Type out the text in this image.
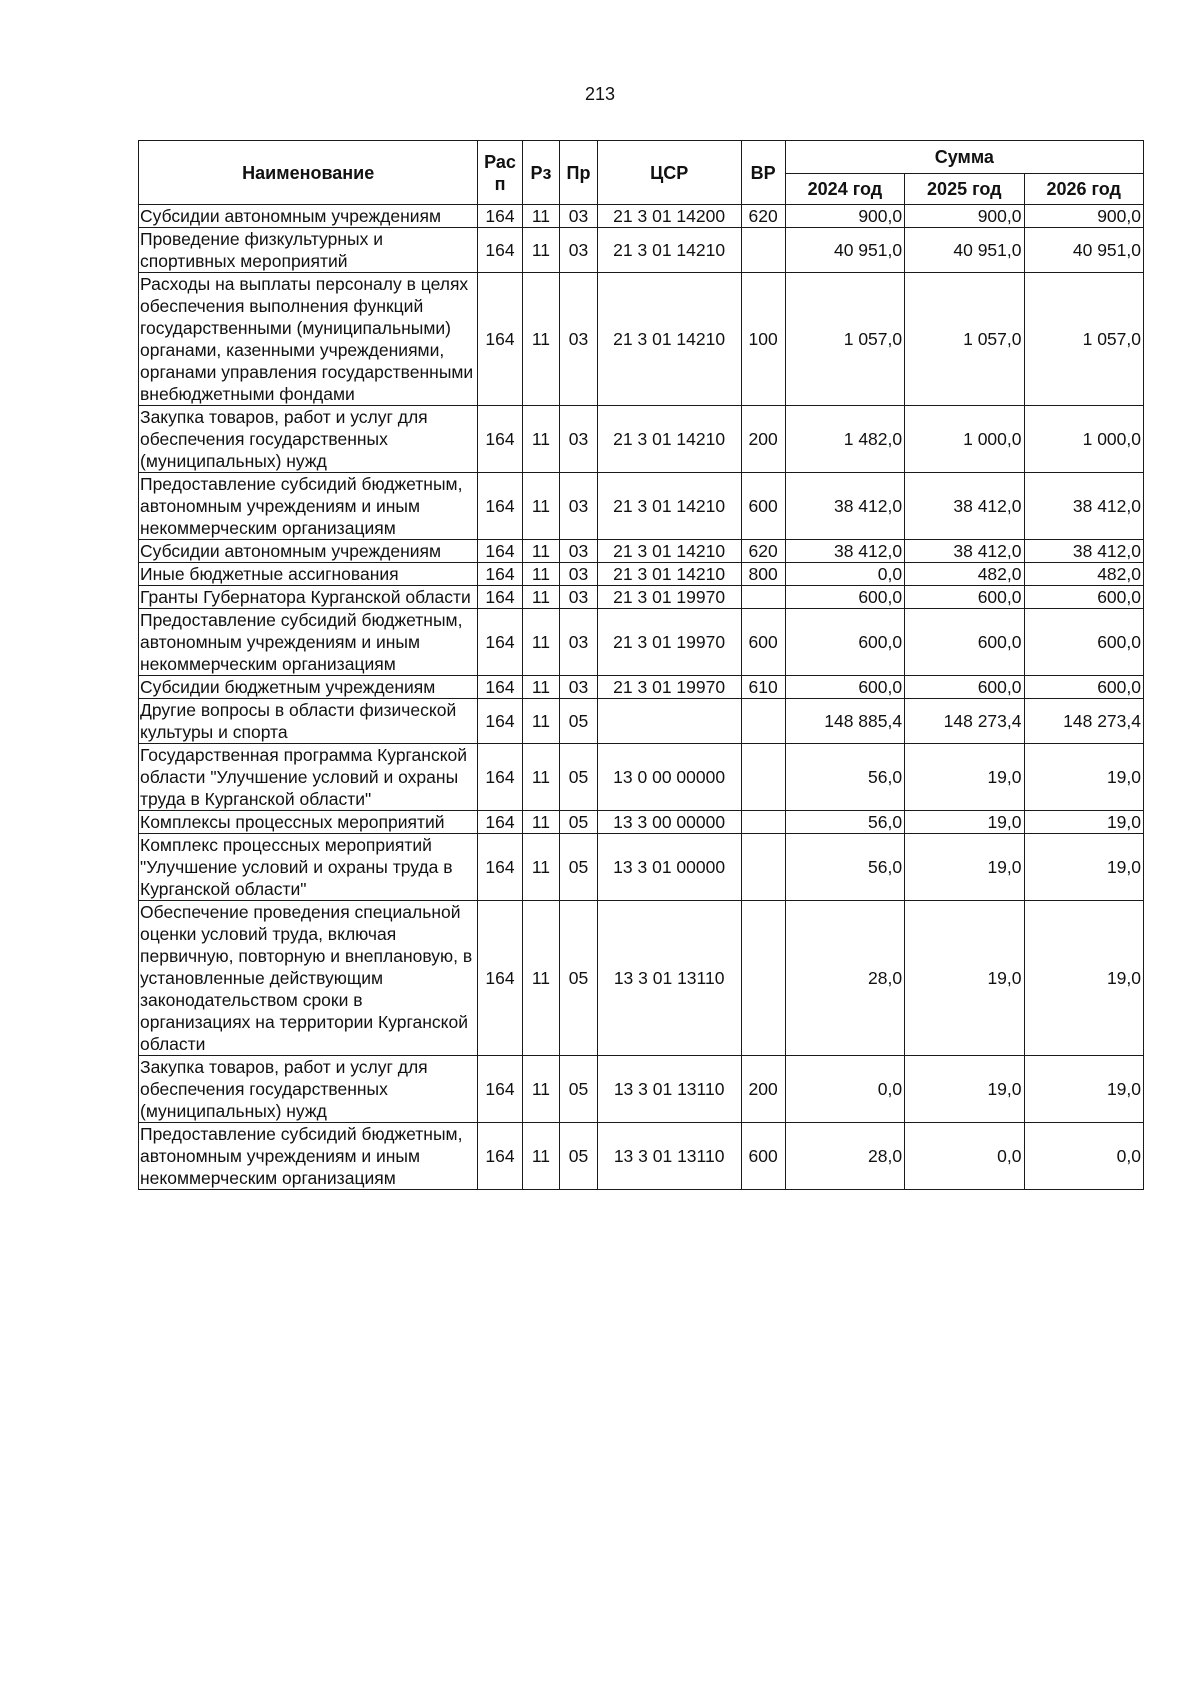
213
Наименование	Рас п	Рз	Пр	ЦСР	ВР	Сумма		
						2024 год	2025 год	2026 год
Субсидии автономным учреждениям	164	11	03	21 3 01 14200	620	900,0	900,0	900,0
Проведение физкультурных и спортивных мероприятий	164	11	03	21 3 01 14210		40 951,0	40 951,0	40 951,0
Расходы на выплаты персоналу в целях обеспечения выполнения функций государственными (муниципальными) органами, казенными учреждениями, органами управления государственными внебюджетными фондами	164	11	03	21 3 01 14210	100	1 057,0	1 057,0	1 057,0
Закупка товаров, работ и услуг для обеспечения государственных (муниципальных) нужд	164	11	03	21 3 01 14210	200	1 482,0	1 000,0	1 000,0
Предоставление субсидий бюджетным, автономным учреждениям и иным некоммерческим организациям	164	11	03	21 3 01 14210	600	38 412,0	38 412,0	38 412,0
Субсидии автономным учреждениям	164	11	03	21 3 01 14210	620	38 412,0	38 412,0	38 412,0
Иные бюджетные ассигнования	164	11	03	21 3 01 14210	800	0,0	482,0	482,0
Гранты Губернатора Курганской области	164	11	03	21 3 01 19970		600,0	600,0	600,0
Предоставление субсидий бюджетным, автономным учреждениям и иным некоммерческим организациям	164	11	03	21 3 01 19970	600	600,0	600,0	600,0
Субсидии бюджетным учреждениям	164	11	03	21 3 01 19970	610	600,0	600,0	600,0
Другие вопросы в области физической культуры и спорта	164	11	05			148 885,4	148 273,4	148 273,4
Государственная программа Курганской области "Улучшение условий и охраны труда в Курганской области"	164	11	05	13 0 00 00000		56,0	19,0	19,0
Комплексы процессных мероприятий	164	11	05	13 3 00 00000		56,0	19,0	19,0
Комплекс процессных мероприятий "Улучшение условий и охраны труда в Курганской области"	164	11	05	13 3 01 00000		56,0	19,0	19,0
Обеспечение проведения специальной оценки условий труда, включая первичную, повторную и внеплановую, в установленные действующим законодательством сроки в организациях на территории Курганской области	164	11	05	13 3 01 13110		28,0	19,0	19,0
Закупка товаров, работ и услуг для обеспечения государственных (муниципальных) нужд	164	11	05	13 3 01 13110	200	0,0	19,0	19,0
Предоставление субсидий бюджетным, автономным учреждениям и иным некоммерческим организациям	164	11	05	13 3 01 13110	600	28,0	0,0	0,0
